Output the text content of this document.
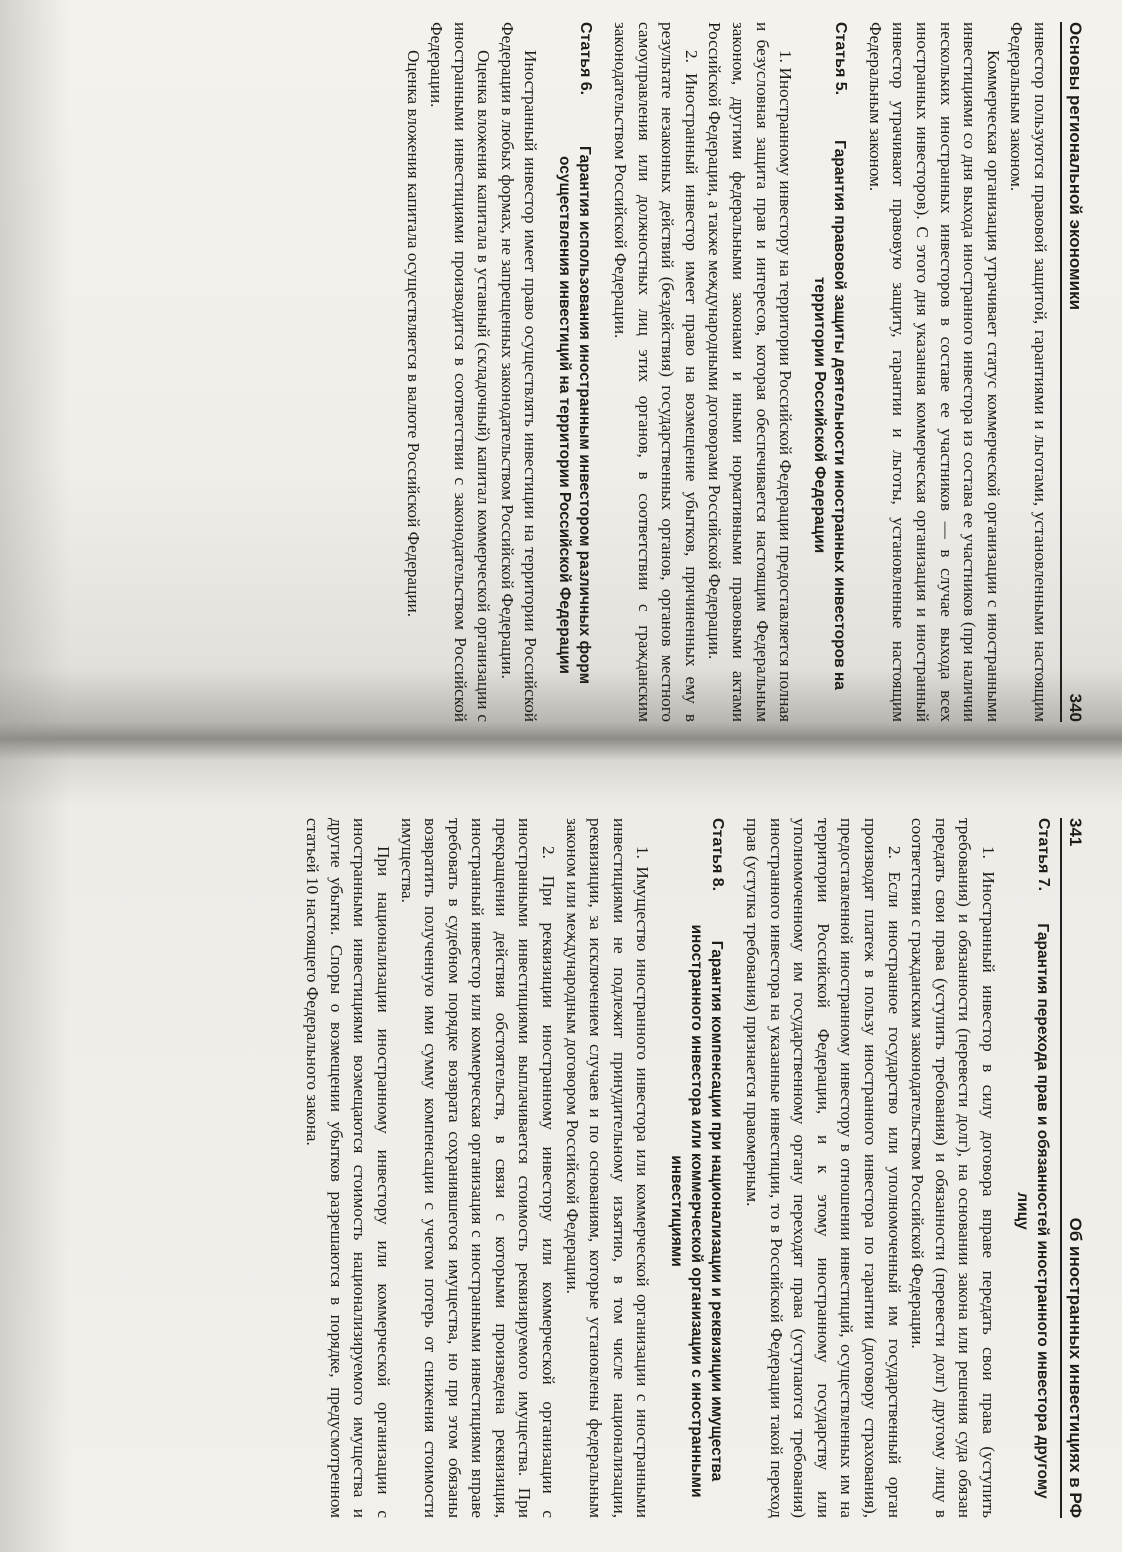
Основы региональной экономики
340

инвестор пользуются правовой защитой, гарантиями и льготами, установленными настоящим Федеральным законом.

Коммерческая организация утрачивает статус коммерческой организации с иностранными инвестициями со дня выхода иностранного инвестора из состава ее участников (при наличии нескольких иностранных инвесторов в составе ее участников — в случае выхода всех иностранных инвесторов). С этого дня указанная коммерческая организация и иностранный инвестор утрачивают правовую защиту, гарантии и льготы, установленные настоящим Федеральным законом.

Статья 5.
Гарантия правовой защиты деятельности иностранных инвесторов на территории Российской Федерации

1. Иностранному инвестору на территории Российской Федерации предоставляется полная и безусловная защита прав и интересов, которая обеспечивается настоящим Федеральным законом, другими федеральными законами и иными нормативными правовыми актами Российской Федерации, а также международными договорами Российской Федерации.

2. Иностранный инвестор имеет право на возмещение убытков, причиненных ему в результате незаконных действий (бездействия) государственных органов, органов местного самоуправления или должностных лиц этих органов, в соответствии с гражданским законодательством Российской Федерации.

Статья 6.
Гарантия использования иностранным инвестором различных форм осуществления инвестиций на территории Российской Федерации

Иностранный инвестор имеет право осуществлять инвестиции на территории Российской Федерации в любых формах, не запрещенных законодательством Российской Федерации.

Оценка вложения капитала в уставный (складочный) капитал коммерческой организации с иностранными инвестициями производится в соответствии с законодательством Российской Федерации.

Оценка вложения капитала осуществляется в валюте Российской Федерации.

341
Об иностранных инвестициях в РФ
Статья 7.
Гарантия перехода прав и обязанностей иностранного инвестора другому лицу

1. Иностранный инвестор в силу договора вправе передать свои права (уступить требования) и обязанности (перевести долг), на основании закона или решения суда обязан передать свои права (уступить требования) и обязанности (перевести долг) другому лицу в соответствии с гражданским законодательством Российской Федерации.

2. Если иностранное государство или уполномоченный им государственный орган производят платеж в пользу иностранного инвестора по гарантии (договору страхования), предоставленной иностранному инвестору в отношении инвестиций, осуществленных им на территории Российской Федерации, и к этому иностранному государству или уполномоченному им государственному органу переходят права (уступаются требования) иностранного инвестора на указанные инвестиции, то в Российской Федерации такой переход прав (уступка требования) признается правомерным.

Статья 8.
Гарантия компенсации при национализации и реквизиции имущества иностранного инвестора или коммерческой организации с иностранными инвестициями

1. Имущество иностранного инвестора или коммерческой организации с иностранными инвестициями не подлежит принудительному изъятию, в том числе национализации, реквизиции, за исключением случаев и по основаниям, которые установлены федеральным законом или международным договором Российской Федерации.

2. При реквизиции иностранному инвестору или коммерческой организации с иностранными инвестициями выплачивается стоимость реквизируемого имущества. При прекращении действия обстоятельств, в связи с которыми произведена реквизиция, иностранный инвестор или коммерческая организация с иностранными инвестициями вправе требовать в судебном порядке возврата сохранившегося имущества, но при этом обязаны возвратить полученную ими сумму компенсации с учетом потерь от снижения стоимости имущества.

При национализации иностранному инвестору или коммерческой организации с иностранными инвестициями возмещаются стоимость национализируемого имущества и другие убытки. Споры о возмещении убытков разрешаются в порядке, предусмотренном статьей 10 настоящего Федерального закона.
